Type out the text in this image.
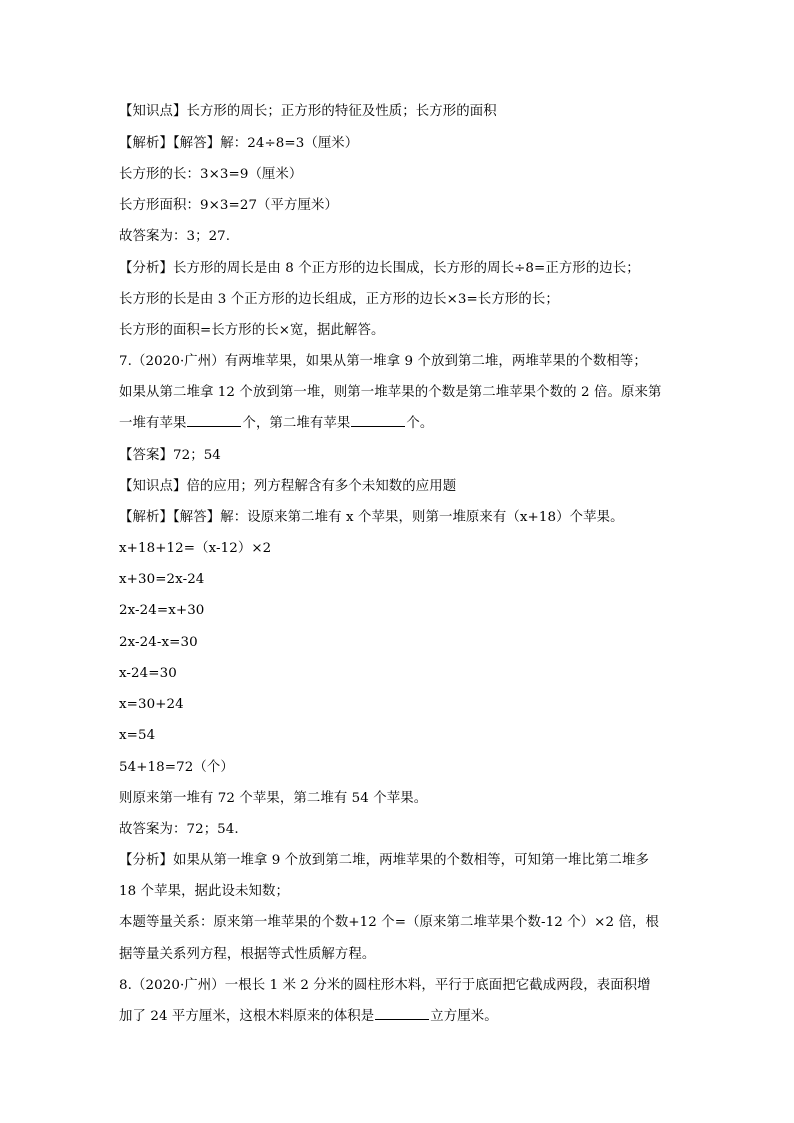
【知识点】长方形的周长；正方形的特征及性质；长方形的面积
【解析】【解答】解：24÷8=3（厘米）
长方形的长：3×3=9（厘米）
长方形面积：9×3=27（平方厘米）
故答案为：3；27.
【分析】长方形的周长是由 8 个正方形的边长围成，长方形的周长÷8=正方形的边长；
长方形的长是由 3 个正方形的边长组成，正方形的边长×3=长方形的长；
长方形的面积=长方形的长×宽，据此解答。
7.（2020·广州）有两堆苹果，如果从第一堆拿 9 个放到第二堆，两堆苹果的个数相等；
如果从第二堆拿 12 个放到第一堆，则第一堆苹果的个数是第二堆苹果个数的 2 倍。原来第
一堆有苹果	个，第二堆有苹果	个。
【答案】72；54
【知识点】倍的应用；列方程解含有多个未知数的应用题
【解析】【解答】解：设原来第二堆有 x 个苹果，则第一堆原来有（x+18）个苹果。
x+18+12=（x-12）×2
x+30=2x-24
2x-24=x+30
2x-24-x=30
x-24=30
x=30+24
x=54
54+18=72（个）
则原来第一堆有 72 个苹果，第二堆有 54 个苹果。
故答案为：72；54.
【分析】如果从第一堆拿 9 个放到第二堆，两堆苹果的个数相等，可知第一堆比第二堆多
18 个苹果，据此设未知数；
本题等量关系：原来第一堆苹果的个数+12 个=（原来第二堆苹果个数-12 个）×2 倍，根
据等量关系列方程，根据等式性质解方程。
8.（2020·广州）一根长 1 米 2 分米的圆柱形木料，平行于底面把它截成两段，表面积增
加了 24 平方厘米，这根木料原来的体积是	立方厘米。
